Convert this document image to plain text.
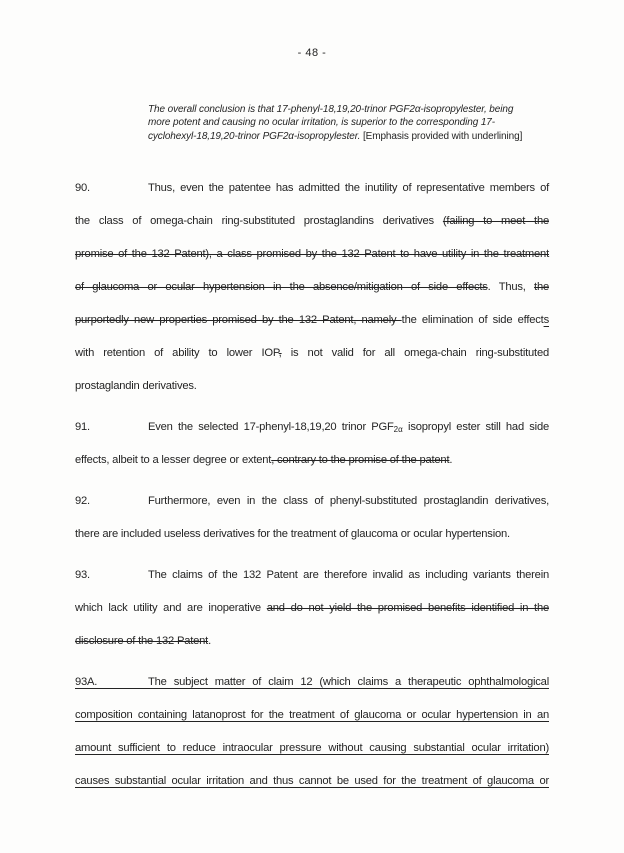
- 48 -
The overall conclusion is that 17-phenyl-18,19,20-trinor PGF2α-isopropylester, being
more potent and causing no ocular irritation, is superior to the corresponding 17-
cyclohexyl-18,19,20-trinor PGF2α-isopropylester. [Emphasis provided with underlining]
90.	Thus, even the patentee has admitted the inutility of representative members of
the class of omega-chain ring-substituted prostaglandins derivatives (failing to meet the
promise of the 132 Patent), a class promised by the 132 Patent to have utility in the treatment
of glaucoma or ocular hypertension in the absence/mitigation of side effects. Thus, the
purportedly new properties promised by the 132 Patent, namely the elimination of side effects
with retention of ability to lower IOP, is not valid for all omega-chain ring-substituted
prostaglandin derivatives.
91.	Even the selected 17-phenyl-18,19,20 trinor PGF2α isopropyl ester still had side
effects, albeit to a lesser degree or extent, contrary to the promise of the patent.
92.	Furthermore, even in the class of phenyl-substituted prostaglandin derivatives,
there are included useless derivatives for the treatment of glaucoma or ocular hypertension.
93.	The claims of the 132 Patent are therefore invalid as including variants therein
which lack utility and are inoperative and do not yield the promised benefits identified in the
disclosure of the 132 Patent.
93A.	The subject matter of claim 12 (which claims a therapeutic ophthalmological
composition containing latanoprost for the treatment of glaucoma or ocular hypertension in an
amount sufficient to reduce intraocular pressure without causing substantial ocular irritation)
causes substantial ocular irritation and thus cannot be used for the treatment of glaucoma or
